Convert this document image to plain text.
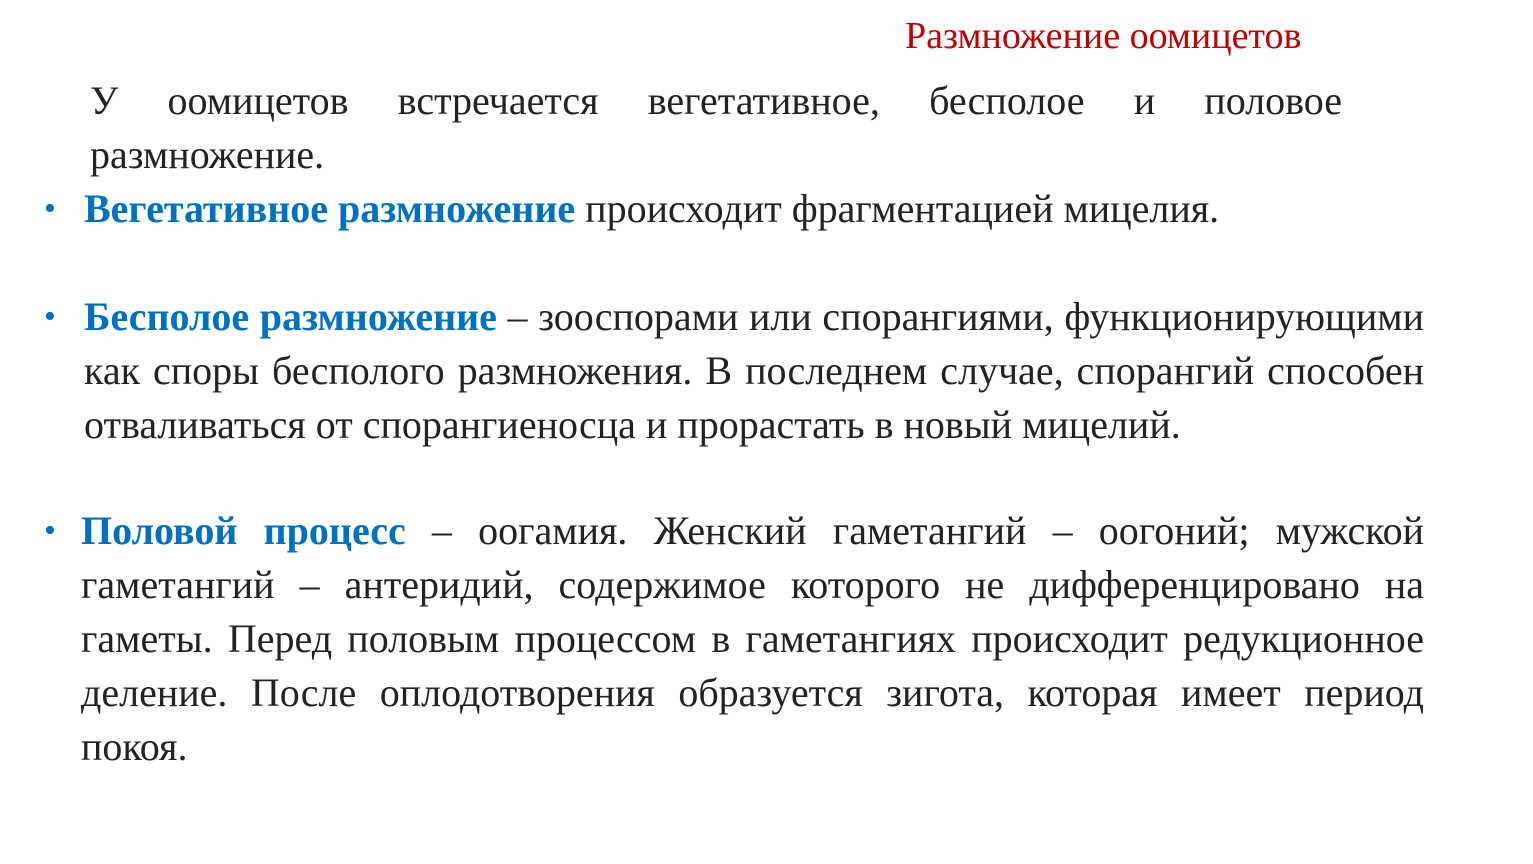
Размножение оомицетов
У оомицетов встречается вегетативное, бесполое и половое размножение.
• Вегетативное размножение происходит фрагментацией мицелия.
• Бесполое размножение – зооспорами или спорангиями, функционирующими как споры бесполого размножения. В последнем случае, спорангий способен отваливаться от спорангиеносца и прорастать в новый мицелий.
• Половой процесс – оогамия. Женский гаметангий – оогоний; мужской гаметангий – антеридий, содержимое которого не дифференцировано на гаметы. Перед половым процессом в гаметангиях происходит редукционное деление. После оплодотворения образуется зигота, которая имеет период покоя.
